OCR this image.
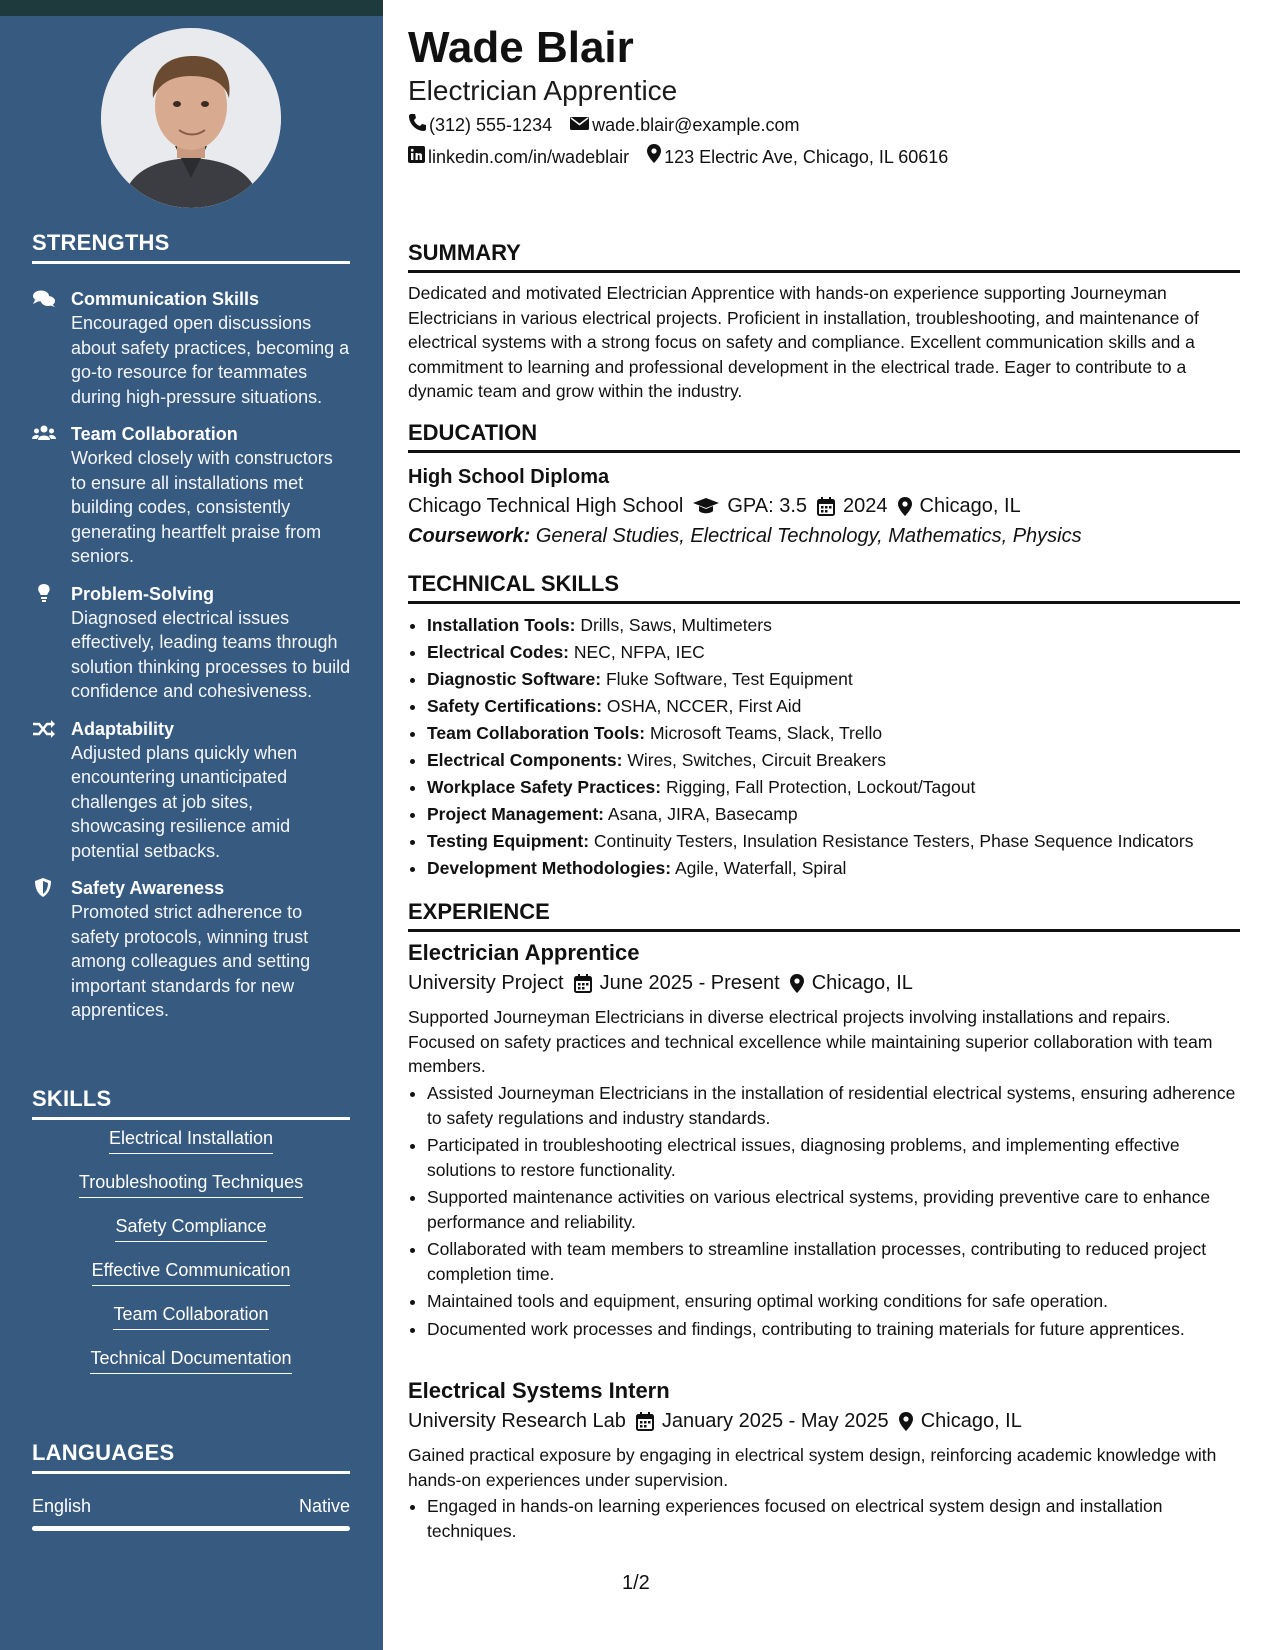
STRENGTHS
Communication Skills
Encouraged open discussions about safety practices, becoming a go-to resource for teammates during high-pressure situations.
Team Collaboration
Worked closely with constructors to ensure all installations met building codes, consistently generating heartfelt praise from seniors.
Problem-Solving
Diagnosed electrical issues effectively, leading teams through solution thinking processes to build confidence and cohesiveness.
Adaptability
Adjusted plans quickly when encountering unanticipated challenges at job sites, showcasing resilience amid potential setbacks.
Safety Awareness
Promoted strict adherence to safety protocols, winning trust among colleagues and setting important standards for new apprentices.
SKILLS
Electrical Installation
Troubleshooting Techniques
Safety Compliance
Effective Communication
Team Collaboration
Technical Documentation
LANGUAGES
English	Native
Wade Blair
Electrician Apprentice
(312) 555-1234 wade.blair@example.com
linkedin.com/in/wadeblair 123 Electric Ave, Chicago, IL 60616
SUMMARY
Dedicated and motivated Electrician Apprentice with hands-on experience supporting Journeyman Electricians in various electrical projects. Proficient in installation, troubleshooting, and maintenance of electrical systems with a strong focus on safety and compliance. Excellent communication skills and a commitment to learning and professional development in the electrical trade. Eager to contribute to a dynamic team and grow within the industry.
EDUCATION
High School Diploma
Chicago Technical High School GPA: 3.5 2024 Chicago, IL
Coursework: General Studies, Electrical Technology, Mathematics, Physics
TECHNICAL SKILLS
• Installation Tools: Drills, Saws, Multimeters
• Electrical Codes: NEC, NFPA, IEC
• Diagnostic Software: Fluke Software, Test Equipment
• Safety Certifications: OSHA, NCCER, First Aid
• Team Collaboration Tools: Microsoft Teams, Slack, Trello
• Electrical Components: Wires, Switches, Circuit Breakers
• Workplace Safety Practices: Rigging, Fall Protection, Lockout/Tagout
• Project Management: Asana, JIRA, Basecamp
• Testing Equipment: Continuity Testers, Insulation Resistance Testers, Phase Sequence Indicators
• Development Methodologies: Agile, Waterfall, Spiral
EXPERIENCE
Electrician Apprentice
University Project June 2025 - Present Chicago, IL
Supported Journeyman Electricians in diverse electrical projects involving installations and repairs. Focused on safety practices and technical excellence while maintaining superior collaboration with team members.
• Assisted Journeyman Electricians in the installation of residential electrical systems, ensuring adherence to safety regulations and industry standards.
• Participated in troubleshooting electrical issues, diagnosing problems, and implementing effective solutions to restore functionality.
• Supported maintenance activities on various electrical systems, providing preventive care to enhance performance and reliability.
• Collaborated with team members to streamline installation processes, contributing to reduced project completion time.
• Maintained tools and equipment, ensuring optimal working conditions for safe operation.
• Documented work processes and findings, contributing to training materials for future apprentices.
Electrical Systems Intern
University Research Lab January 2025 - May 2025 Chicago, IL
Gained practical exposure by engaging in electrical system design, reinforcing academic knowledge with hands-on experiences under supervision.
• Engaged in hands-on learning experiences focused on electrical system design and installation techniques.
1/2
